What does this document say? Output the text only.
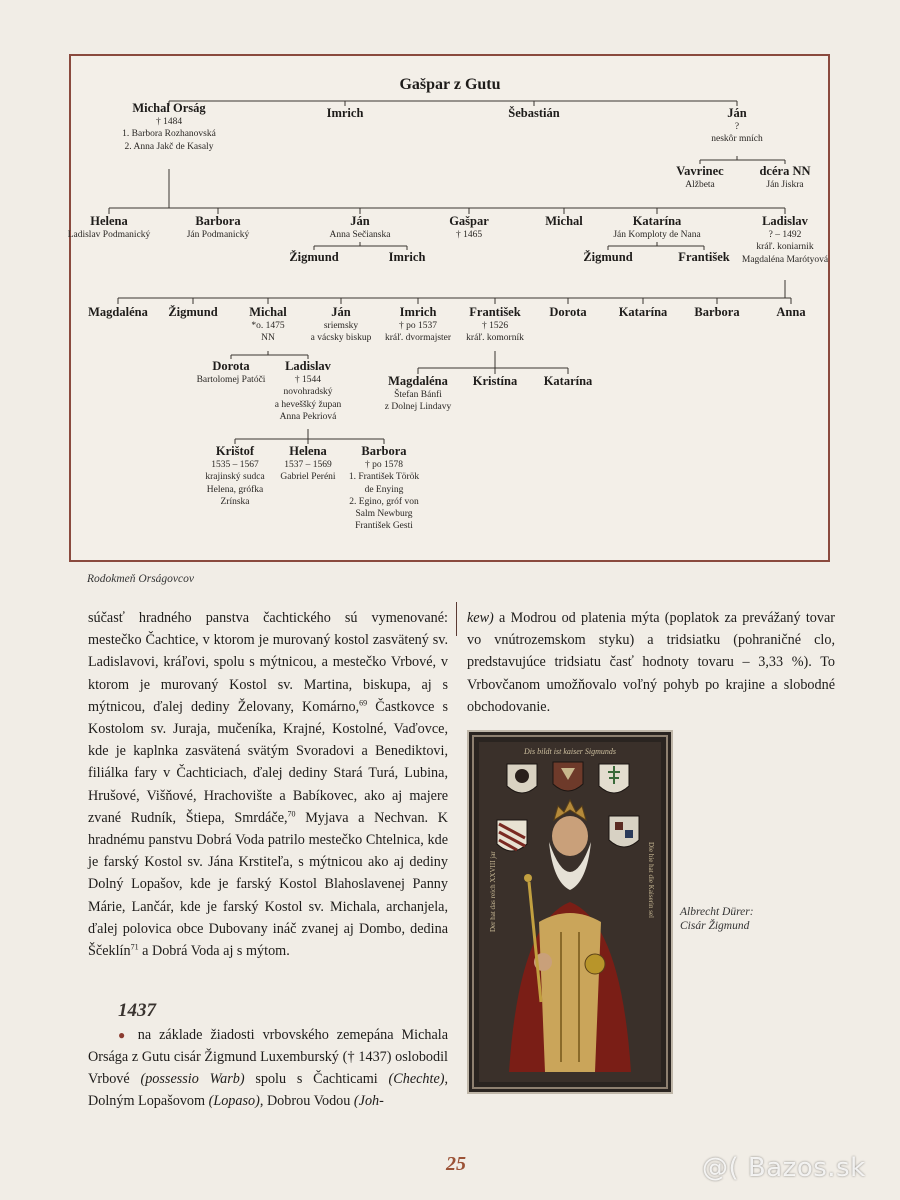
Gašpar z Gutu
Michal Orság
† 1484
1. Barbora Rozhanovská
2. Anna Jakč de Kasaly
Imrich	Šebastián	Ján
?
neskôr mních
Vavrinec
Alžbeta
dcéra NN
Ján Jiskra
Helena
Ladislav Podmanický
Barbora
Ján Podmanický
Ján
Anna Sečianska
Gašpar
† 1465
Michal	Katarína
Ján Komploty de Nana
Ladislav
? – 1492
kráľ. koniarnik
Magdaléna Marótyová
Žigmund	Imrich	Žigmund	František
Magdaléna Žigmund	Michal
*o. 1475
NN
Ján
sriemsky
a vácsky biskup
Imrich
† po 1537
kráľ. dvormajster
František
† 1526
kráľ. komorník
Dorota	Katarína Barbora	Anna
Dorota
Bartolomej Patóči
Ladislav
† 1544
novohradský
a heveššký župan
Anna Pekriová
Magdaléna
Štefan Bánfi
z Dolnej Lindavy
Kristína Katarína
Krištof
1535 – 1567
krajinský sudca
Helena, grófka
Zrínska
Helena
1537 – 1569
Gabriel Peréni
Barbora
† po 1578
1. František Török
de Enying
2. Egino, gróf von
Salm Newburg
František Gesti
Rodokmeň Orságovcov

súčasť hradného panstva čachtického sú vymenované: mestečko Čachtice, v ktorom je murovaný kostol zasvätený sv. Ladislavovi, kráľovi, spolu s mýtnicou, a mestečko Vrbové, v ktorom je murovaný Kostol sv. Martina, biskupa, aj s mýtnicou, ďalej dediny Želovany, Komárno,$^{69}$ Častkovce s Kostolom sv. Juraja, mučeníka, Krajné, Kostolné, Vaďovce, kde je kaplnka zasvätená svätým Svoradovi a Benediktovi, filiálka fary v Čachticiach, ďalej dediny Stará Turá, Lubina, Hrušové, Višňové, Hrachovište a Babíkovec, ako aj majere zvané Rudník, Štiepa, Smrdáče,$^{70}$ Myjava a Nechvan. K hradnému panstvu Dobrá Voda patrilo mestečko Chtelnica, kde je farský Kostol sv. Jána Krstiteľa, s mýtnicou ako aj dediny Dolný Lopašov, kde je farský Kostol Blahoslavenej Panny Márie, Lančár, kde je farský Kostol sv. Michala, archanjela, ďalej polovica obce Dubovany ináč zvanej aj Dombo, dedina Ščeklín$^{71}$ a Dobrá Voda aj s mýtom.

1437
● na základe žiadosti vrbovského zemepána Michala Orsága z Gutu cisár Žigmund Luxemburský († 1437) oslobodil Vrbové (possessio Warb) spolu s Čachticami (Chechte), Dolným Lopašovom (Lopaso), Dobrou Vodou (Joh-

kew) a Modrou od platenia mýta (poplatok za prevážaný tovar vo vnútrozemskom styku) a tridsiatku (pohraničné clo, predstavujúce tridsiatu časť hodnoty tovaru – 3,33 %). To Vrbovčanom umožňovalo voľný pohyb po krajine a slobodné obchodovanie.

Dis bildt ist kaiser Sigmunds
Der hat das reich XXVIII jar	Die hie hat die Kaiserin sel Albrecht Dürer:
Cisár Žigmund
25	@( Bazos.sk
